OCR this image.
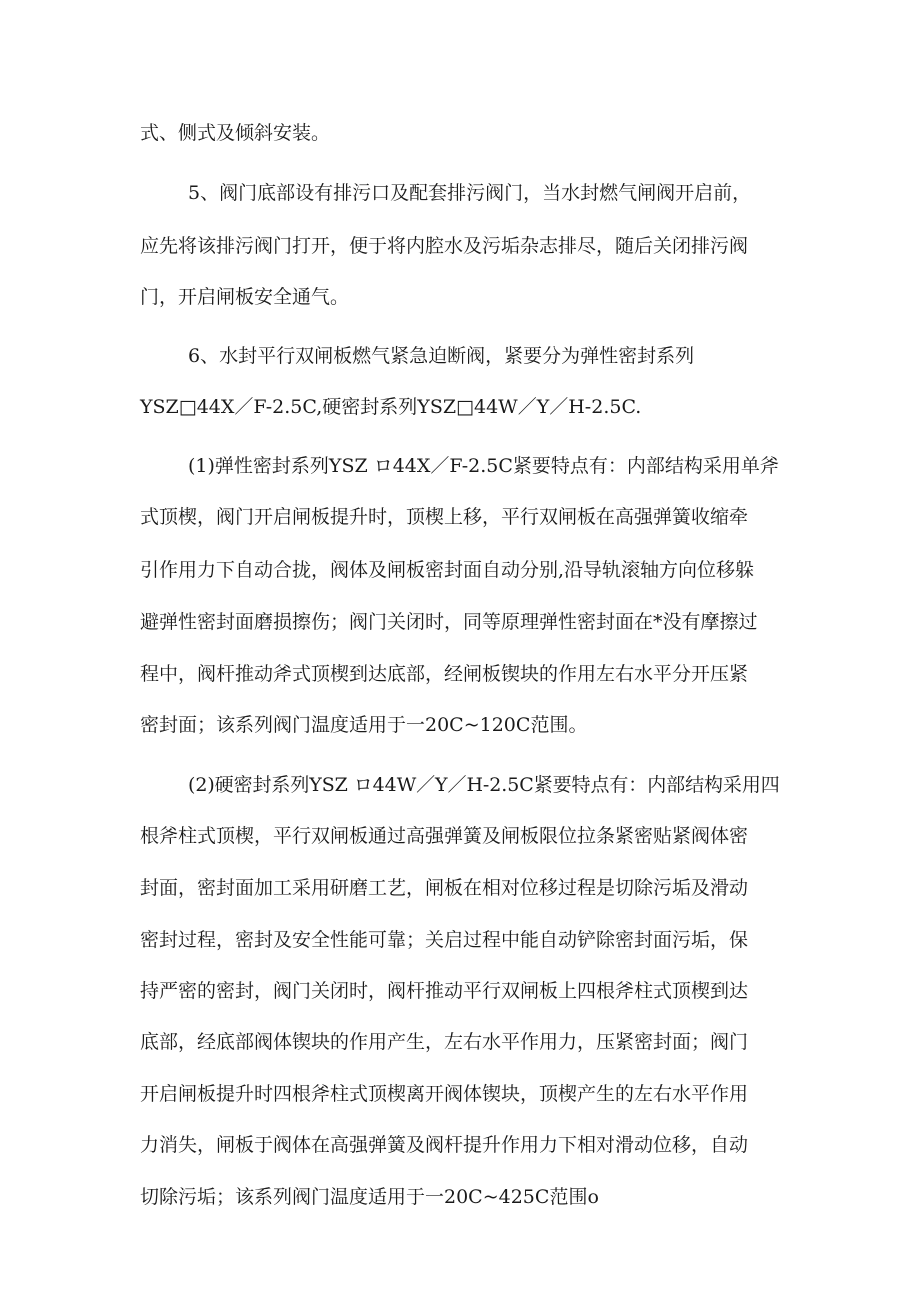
式、侧式及倾斜安装。
5、阀门底部设有排污口及配套排污阀门，当水封燃气闸阀开启前，
应先将该排污阀门打开，便于将内腔水及污垢杂志排尽，随后关闭排污阀
门，开启闸板安全通气。
6、水封平行双闸板燃气紧急迫断阀，紧要分为弹性密封系列
YSZ□44X／F-2.5C,硬密封系列YSZ□44W／Y／H-2.5C.
(1)弹性密封系列YSZ ロ44X／F-2.5C紧要特点有：内部结构采用单斧
式顶楔，阀门开启闸板提升时，顶楔上移，平行双闸板在高强弹簧收缩牵
引作用力下自动合拢，阀体及闸板密封面自动分别,沿导轨滚轴方向位移躲
避弹性密封面磨损擦伤；阀门关闭时，同等原理弹性密封面在*没有摩擦过
程中，阀杆推动斧式顶楔到达底部，经闸板锲块的作用左右水平分开压紧
密封面；该系列阀门温度适用于一20C~120C范围。
(2)硬密封系列YSZ ロ44W／Y／H-2.5C紧要特点有：内部结构采用四
根斧柱式顶楔，平行双闸板通过高强弹簧及闸板限位拉条紧密贴紧阀体密
封面，密封面加工采用研磨工艺，闸板在相对位移过程是切除污垢及滑动
密封过程，密封及安全性能可靠；关启过程中能自动铲除密封面污垢，保
持严密的密封，阀门关闭时，阀杆推动平行双闸板上四根斧柱式顶楔到达
底部，经底部阀体锲块的作用产生，左右水平作用力，压紧密封面；阀门
开启闸板提升时四根斧柱式顶楔离开阀体锲块，顶楔产生的左右水平作用
力消失，闸板于阀体在高强弹簧及阀杆提升作用力下相对滑动位移，自动
切除污垢；该系列阀门温度适用于一20C~425C范围o
